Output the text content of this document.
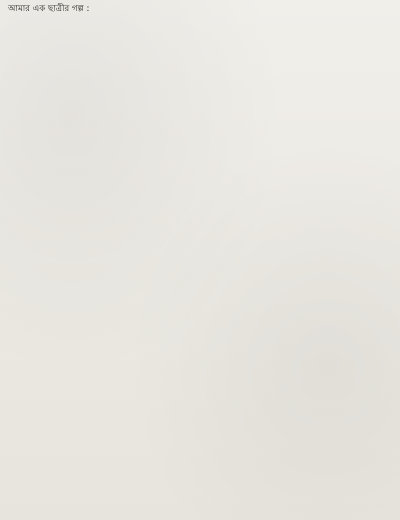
আমার এক ছাত্রীর গল্প :
